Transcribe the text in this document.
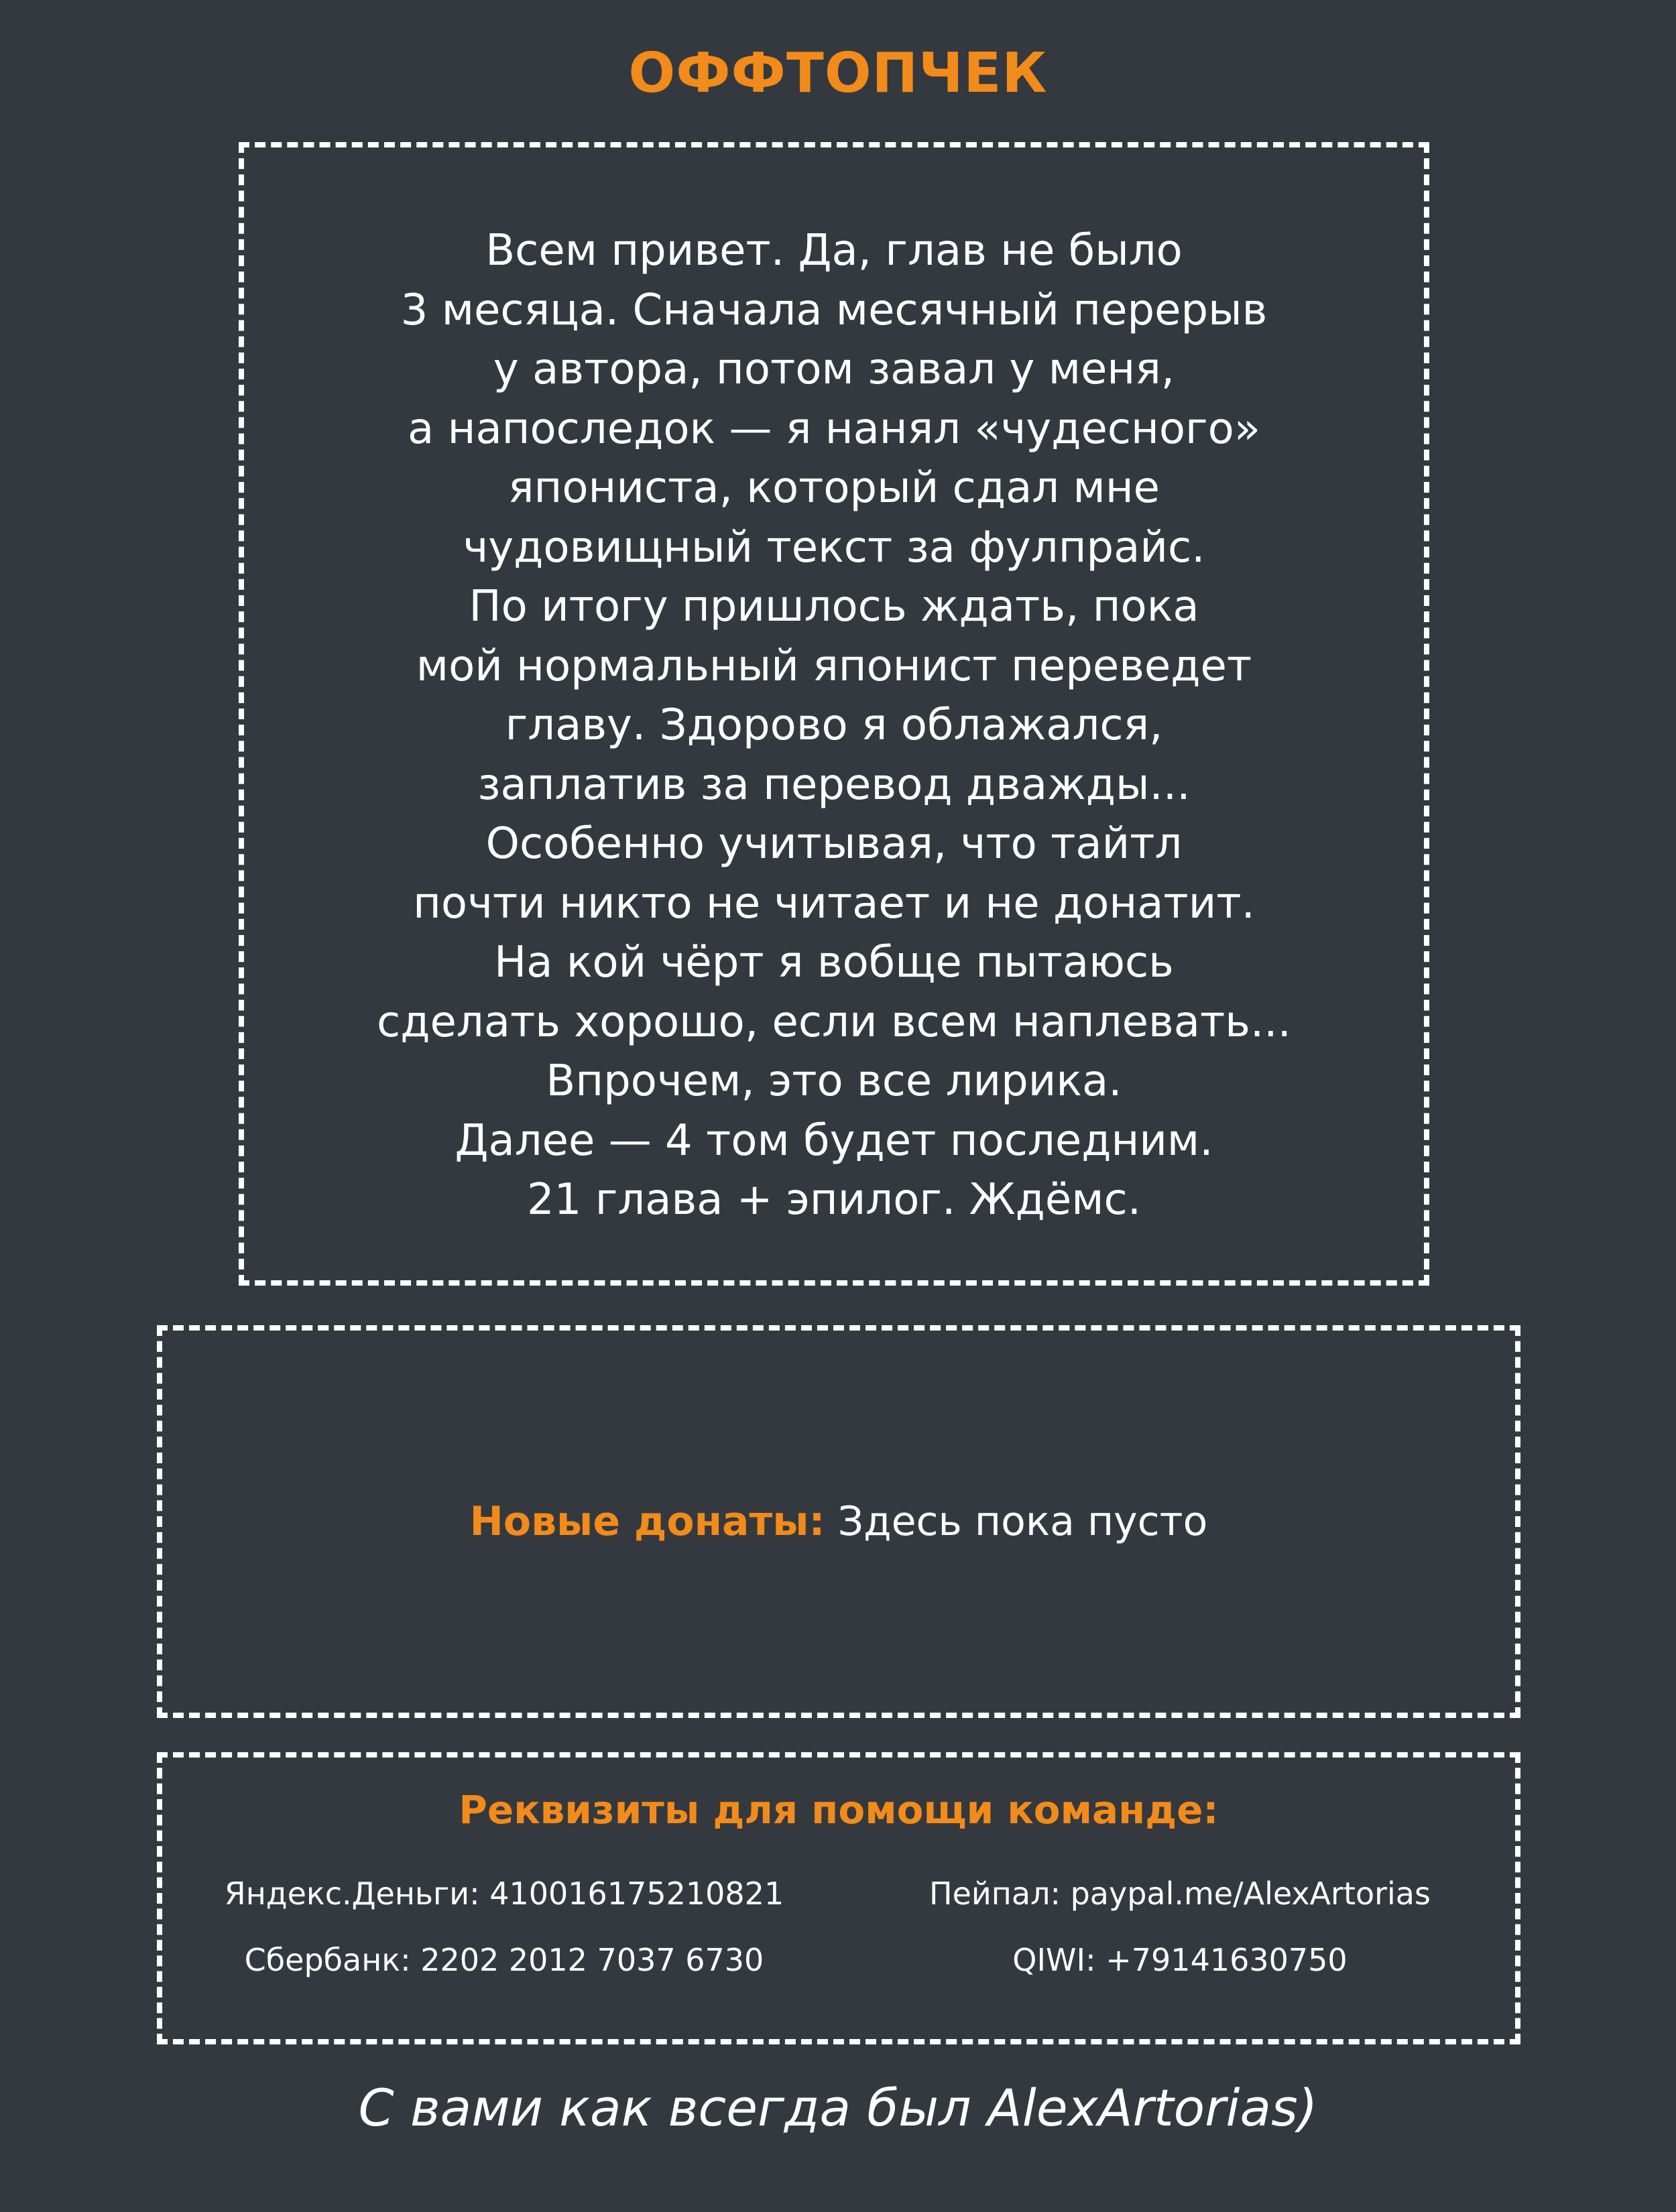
ОФФТОПЧЕК
Всем привет. Да, глав не было
3 месяца. Сначала месячный перерыв
у автора, потом завал у меня,
а напоследок — я нанял «чудесного»
япониста, который сдал мне
чудовищный текст за фулпрайс.
По итогу пришлось ждать, пока
мой нормальный японист переведет
главу. Здорово я облажался,
заплатив за перевод дважды...
Особенно учитывая, что тайтл
почти никто не читает и не донатит.
На кой чёрт я вобще пытаюсь
сделать хорошо, если всем наплевать...
Впрочем, это все лирика.
Далее — 4 том будет последним.
21 глава + эпилог. Ждёмс.
Новые донаты: Здесь пока пусто
Реквизиты для помощи команде:
Яндекс.Деньги: 410016175210821	Пейпал: paypal.me/AlexArtorias
Сбербанк: 2202 2012 7037 6730	QIWI: +79141630750
С вами как всегда был AlexArtorias)
